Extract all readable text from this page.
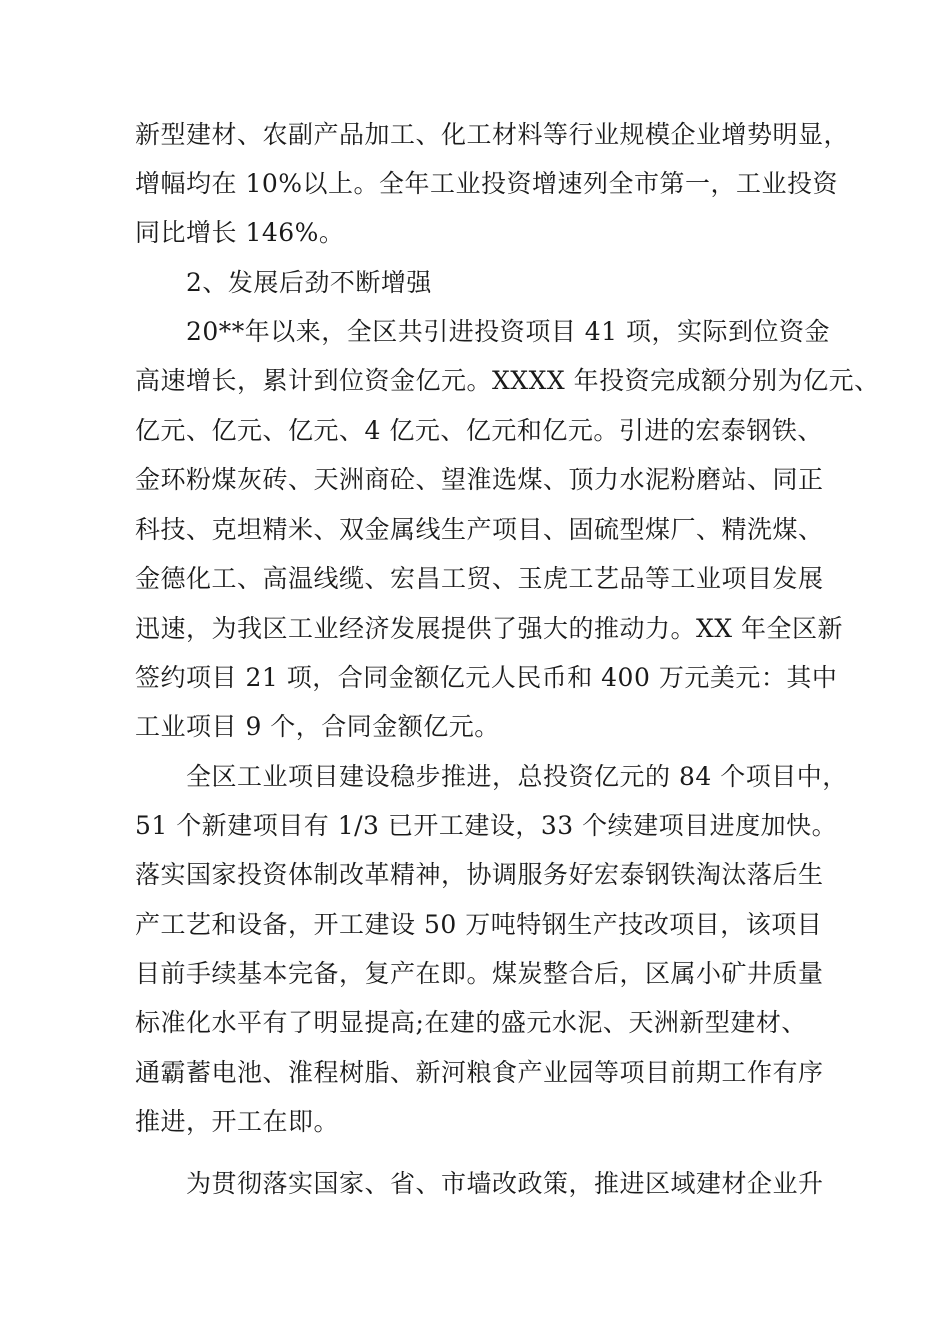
新型建材、农副产品加工、化工材料等行业规模企业增势明显，
增幅均在 10%以上。全年工业投资增速列全市第一，工业投资
同比增长 146%。
2、发展后劲不断增强
20**年以来，全区共引进投资项目 41 项，实际到位资金
高速增长，累计到位资金亿元。XXXX 年投资完成额分别为亿元、
亿元、亿元、亿元、4 亿元、亿元和亿元。引进的宏泰钢铁、
金环粉煤灰砖、天洲商砼、望淮选煤、顶力水泥粉磨站、同正
科技、克坦精米、双金属线生产项目、固硫型煤厂、精洗煤、
金德化工、高温线缆、宏昌工贸、玉虎工艺品等工业项目发展
迅速，为我区工业经济发展提供了强大的推动力。XX 年全区新
签约项目 21 项，合同金额亿元人民币和 400 万元美元：其中
工业项目 9 个，合同金额亿元。
全区工业项目建设稳步推进，总投资亿元的 84 个项目中，
51 个新建项目有 1/3 已开工建设，33 个续建项目进度加快。
落实国家投资体制改革精神，协调服务好宏泰钢铁淘汰落后生
产工艺和设备，开工建设 50 万吨特钢生产技改项目，该项目
目前手续基本完备，复产在即。煤炭整合后，区属小矿井质量
标准化水平有了明显提高;在建的盛元水泥、天洲新型建材、
通霸蓄电池、淮程树脂、新河粮食产业园等项目前期工作有序
推进，开工在即。
为贯彻落实国家、省、市墙改政策，推进区域建材企业升
